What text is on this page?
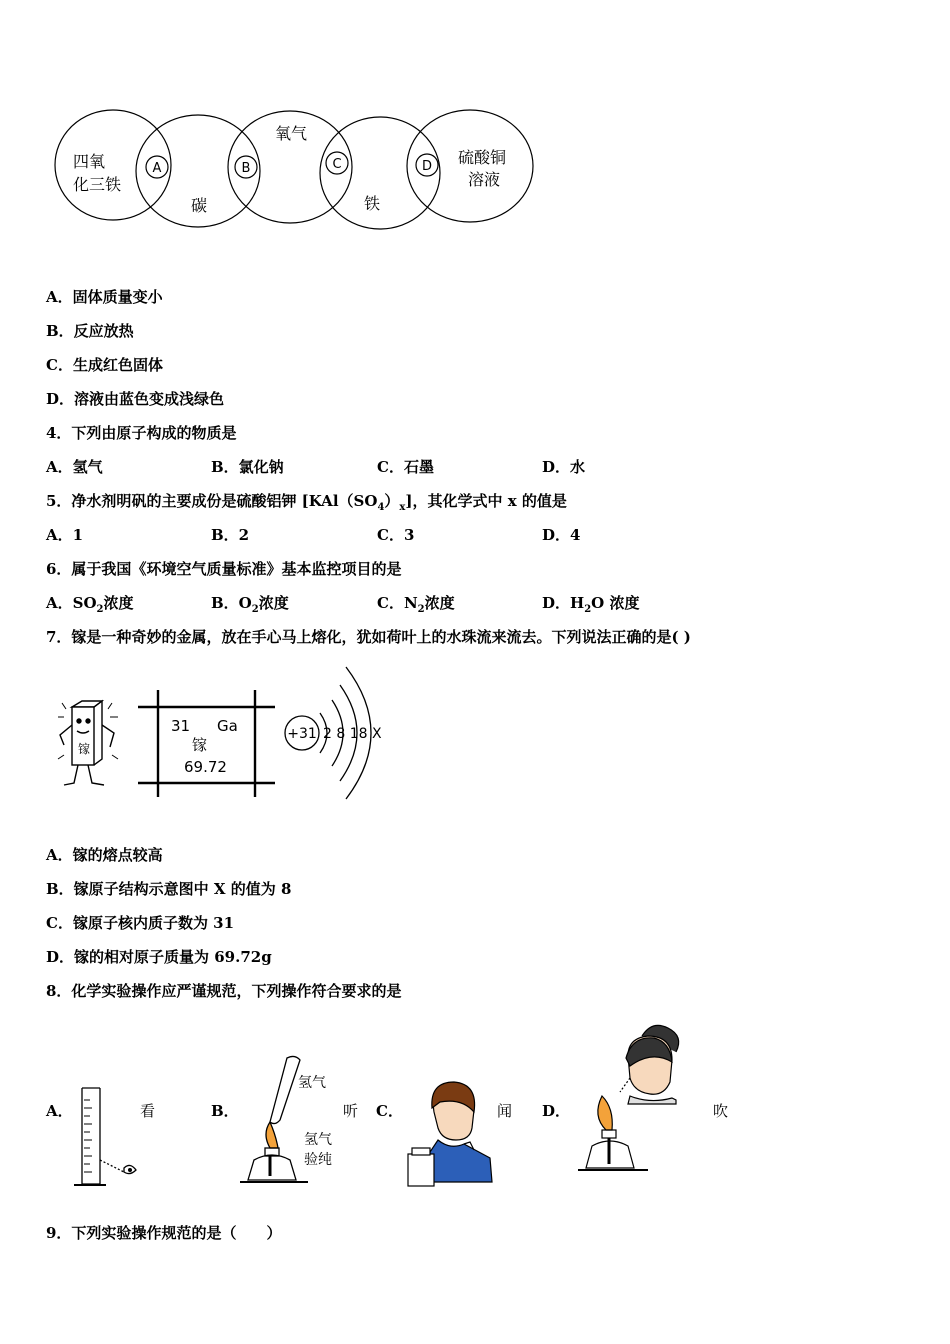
四氧
化三铁
A
碳
B
氧气
C
铁
D 硫酸铜
溶液
A．固体质量变小
B．反应放热
C．生成红色固体
D．溶液由蓝色变成浅绿色
4．下列由原子构成的物质是
A．氢气	B．氯化钠	C．石墨	D．水
5．净水剂明矾的主要成份是硫酸铝钾 $[KAl(SO_4)_x]$，其化学式中 x 的值是
A．1	B．2	C．3	D．4
6．属于我国《环境空气质量标准》基本监控项目的是
A．$SO_2$浓度	B．$O_2$浓度	C．$N_2$浓度	D．$H_2O$ 浓度
7．镓是一种奇妙的金属，放在手心马上熔化，犹如荷叶上的水珠流来流去。下列说法正确的是( )
镓
31 Ga
镓
69.72
+31 2 8 18 X
A．镓的熔点较高
B．镓原子结构示意图中 X 的值为 8
C．镓原子核内质子数为 31
D．镓的相对原子质量为 69.72g
8．化学实验操作应严谨规范，下列操作符合要求的是
A．	看	B．	听 C．	闻 D．	吹
氢气
氢气
验纯
9．下列实验操作规范的是（　　）
